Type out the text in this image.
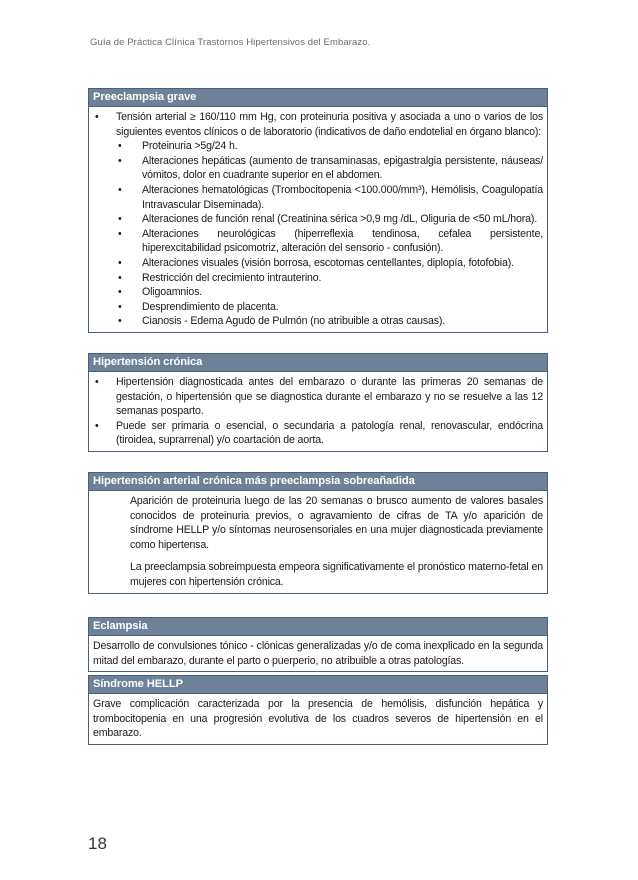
Guía de Práctica Clínica Trastornos Hipertensivos del Embarazo.
Preeclampsia grave
•	Tensión arterial ≥ 160/110 mm Hg, con proteinuria positiva y asociada a uno o varios de los siguientes eventos clínicos o de laboratorio (indicativos de daño endotelial en órgano blanco):
•	Proteinuria >5g/24 h.
•	Alteraciones hepáticas (aumento de transaminasas, epigastralgia persistente, náuseas/ vómitos, dolor en cuadrante superior en el abdomen.
•	Alteraciones hematológicas (Trombocitopenia <100.000/mm³), Hemólisis, Coagulopatía Intravascular Diseminada).
•	Alteraciones de función renal (Creatinina sérica >0,9 mg /dL, Oliguria de <50 mL/hora).
•	Alteraciones neurológicas (hiperreflexia tendinosa, cefalea persistente, hiperexcitabilidad psicomotriz, alteración del sensorio - confusión).
•	Alteraciones visuales (visión borrosa, escotomas centellantes, diplopía, fotofobia).
•	Restricción del crecimiento intrauterino.
•	Oligoamnios.
•	Desprendimiento de placenta.
•	Cianosis - Edema Agudo de Pulmón (no atribuible a otras causas).
Hipertensión crónica
•	Hipertensión diagnosticada antes del embarazo o durante las primeras 20 semanas de gestación, o hipertensión que se diagnostica durante el embarazo y no se resuelve a las 12 semanas posparto.
•	Puede ser primaria o esencial, o secundaria a patología renal, renovascular, endócrina (tiroidea, suprarrenal) y/o coartación de aorta.
Hipertensión arterial crónica más preeclampsia sobreañadida
Aparición de proteinuria luego de las 20 semanas o brusco aumento de valores basales conocidos de proteinuria previos, o agravamiento de cifras de TA y/o aparición de síndrome HELLP y/o síntomas neurosensoriales en una mujer diagnosticada previamente como hipertensa.
La preeclampsia sobreimpuesta empeora significativamente el pronóstico materno-fetal en mujeres con hipertensión crónica.
Eclampsia
Desarrollo de convulsiones tónico - clónicas generalizadas y/o de coma inexplicado en la segunda mitad del embarazo, durante el parto o puerperio, no atribuible a otras patologías.
Síndrome HELLP
Grave complicación caracterizada por la presencia de hemólisis, disfunción hepática y trombocitopenia en una progresión evolutiva de los cuadros severos de hipertensión en el embarazo.
18
